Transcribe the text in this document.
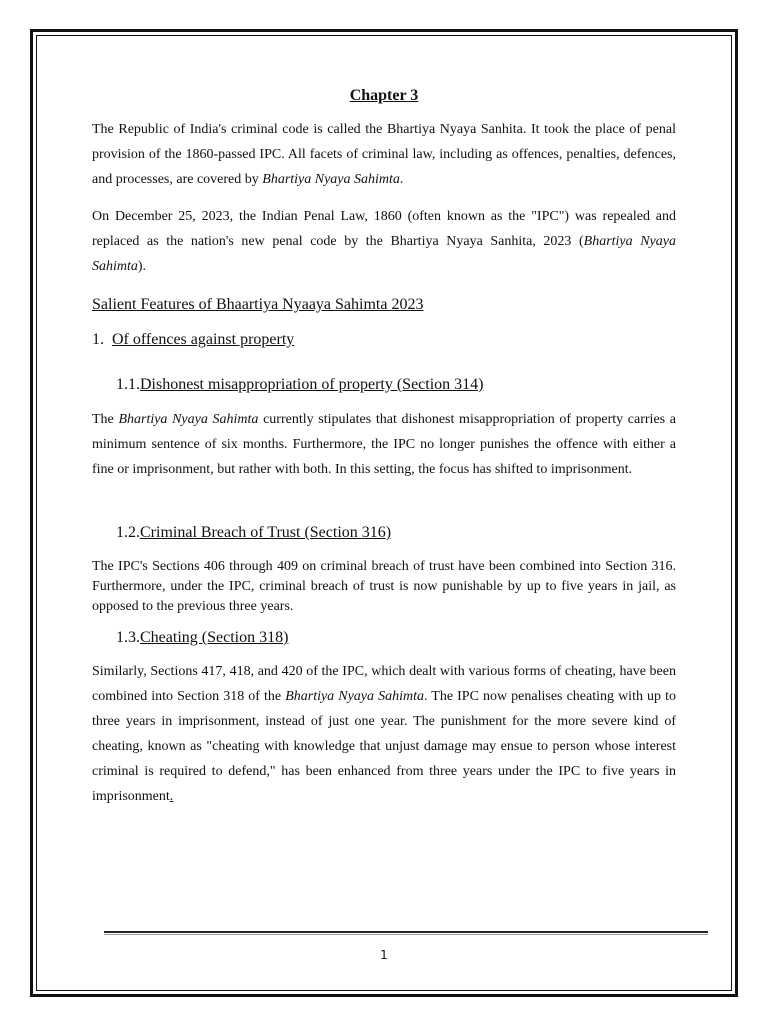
Chapter 3

The Republic of India's criminal code is called the Bhartiya Nyaya Sanhita. It took the place of penal provision of the 1860-passed IPC. All facets of criminal law, including as offences, penalties, defences, and processes, are covered by Bhartiya Nyaya Sahimta.

On December 25, 2023, the Indian Penal Law, 1860 (often known as the "IPC") was repealed and replaced as the nation's new penal code by the Bhartiya Nyaya Sanhita, 2023 (Bhartiya Nyaya Sahimta).

Salient Features of Bhaartiya Nyaaya Sahimta 2023
1. Of offences against property
1.1.Dishonest misappropriation of property (Section 314)

The Bhartiya Nyaya Sahimta currently stipulates that dishonest misappropriation of property carries a minimum sentence of six months. Furthermore, the IPC no longer punishes the offence with either a fine or imprisonment, but rather with both. In this setting, the focus has shifted to imprisonment.

1.2.Criminal Breach of Trust (Section 316)

The IPC's Sections 406 through 409 on criminal breach of trust have been combined into Section 316. Furthermore, under the IPC, criminal breach of trust is now punishable by up to five years in jail, as opposed to the previous three years.

1.3.Cheating (Section 318)

Similarly, Sections 417, 418, and 420 of the IPC, which dealt with various forms of cheating, have been combined into Section 318 of the Bhartiya Nyaya Sahimta. The IPC now penalises cheating with up to three years in imprisonment, instead of just one year. The punishment for the more severe kind of cheating, known as "cheating with knowledge that unjust damage may ensue to person whose interest criminal is required to defend," has been enhanced from three years under the IPC to five years in imprisonment.

1
